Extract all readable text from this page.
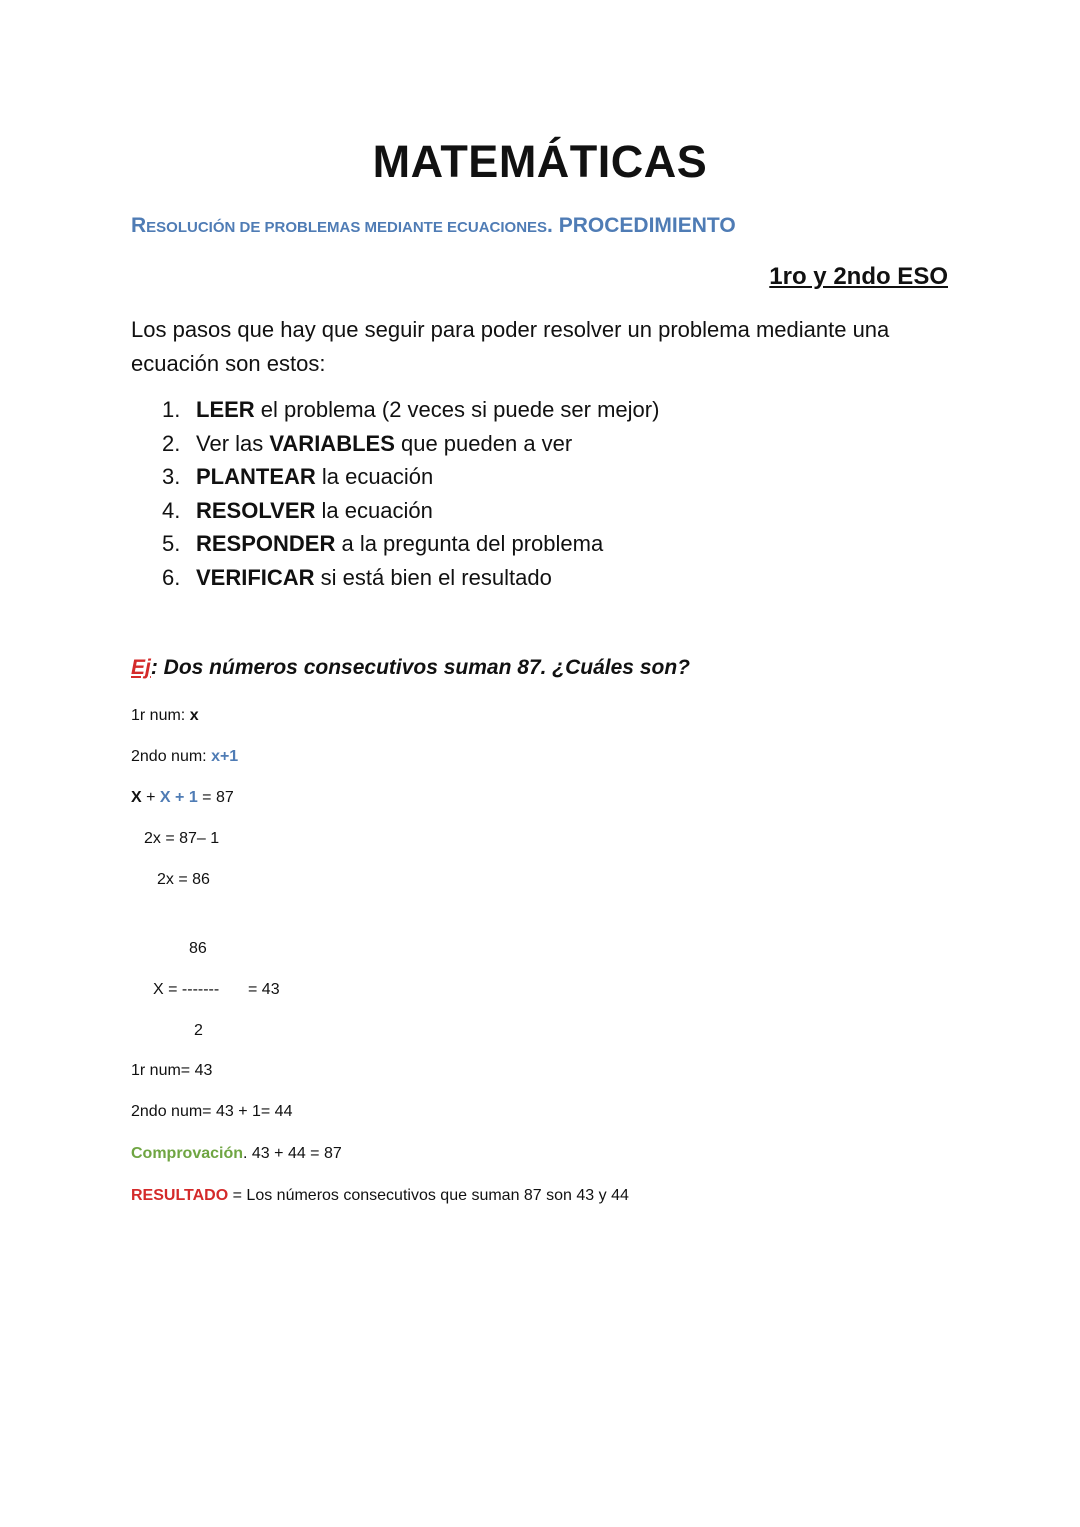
MATEMÁTICAS
RESOLUCIÓN DE PROBLEMAS MEDIANTE ECUACIONES. PROCEDIMIENTO
1ro y 2ndo ESO
Los pasos que hay que seguir para poder resolver un problema mediante una ecuación son estos:
1. LEER el problema (2 veces si puede ser mejor)
2. Ver las VARIABLES que pueden a ver
3. PLANTEAR la ecuación
4. RESOLVER la ecuación
5. RESPONDER a la pregunta del problema
6. VERIFICAR si está bien el resultado
Ej: Dos números consecutivos suman 87. ¿Cuáles son?
1r num: x
2ndo num: x+1
X + X + 1 = 87
2x = 87– 1
2x = 86
86
X = ------- = 43
2
1r num= 43
2ndo num= 43 + 1= 44
Comprovación. 43 + 44 = 87
RESULTADO = Los números consecutivos que suman 87 son 43 y 44
